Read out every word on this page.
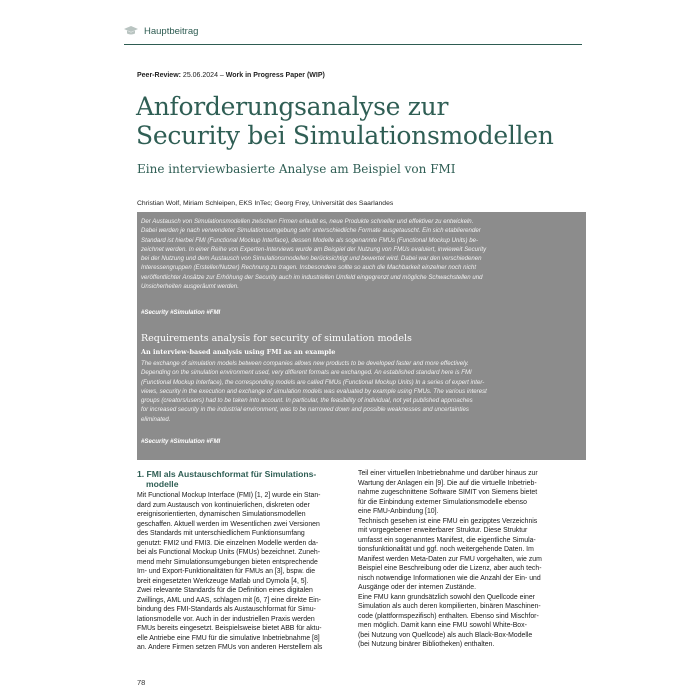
Hauptbeitrag
Peer-Review: 25.06.2024 – Work in Progress Paper (WIP)
Anforderungsanalyse zur
Security bei Simulationsmodellen
Eine interviewbasierte Analyse am Beispiel von FMI
Christian Wolf, Miriam Schleipen, EKS InTec; Georg Frey, Universität des Saarlandes
Der Austausch von Simulationsmodellen zwischen Firmen erlaubt es, neue Produkte schneller und effektiver zu entwickeln.
Dabei werden je nach verwendeter Simulationsumgebung sehr unterschiedliche Formate ausgetauscht. Ein sich etablierender
Standard ist hierbei FMI (Functional Mockup Interface), dessen Modelle als sogenannte FMUs (Functional Mockup Units) be-
zeichnet werden. In einer Reihe von Experten-Interviews wurde am Beispiel der Nutzung von FMUs evaluiert, inwieweit Security
bei der Nutzung und dem Austausch von Simulationsmodellen berücksichtigt und bewertet wird. Dabei war den verschiedenen
Interessengruppen (Ersteller/Nutzer) Rechnung zu tragen. Insbesondere sollte so auch die Machbarkeit einzelner noch nicht
veröffentlichter Ansätze zur Erhöhung der Security auch im industriellen Umfeld eingegrenzt und mögliche Schwachstellen und
Unsicherheiten ausgeräumt werden.
#Security #Simulation #FMI
Requirements analysis for security of simulation models
An interview-based analysis using FMI as an example
The exchange of simulation models between companies allows new products to be developed faster and more effectively.
Depending on the simulation environment used, very different formats are exchanged. An established standard here is FMI
(Functional Mockup Interface), the corresponding models are called FMUs (Functional Mockup Units) In a series of expert inter-
views, security in the execution and exchange of simulation models was evaluated by example using FMUs. The various interest
groups (creators/users) had to be taken into account. In particular, the feasibility of individual, not yet published approaches
for increased security in the industrial environment, was to be narrowed down and possible weaknesses and uncertainties
eliminated.
#Security #Simulation #FMI
1. FMI als Austauschformat für Simulations-
modelle
Mit Functional Mockup Interface (FMI) [1, 2] wurde ein Stan-
dard zum Austausch von kontinuierlichen, diskreten oder
ereignisorientierten, dynamischen Simulationsmodellen
geschaffen. Aktuell werden im Wesentlichen zwei Versionen
des Standards mit unterschiedlichem Funktionsumfang
genutzt: FMI2 und FMI3. Die einzelnen Modelle werden da-
bei als Functional Mockup Units (FMUs) bezeichnet. Zuneh-
mend mehr Simulationsumgebungen bieten entsprechende
Im- und Export-Funktionalitäten für FMUs an [3], bspw. die
breit eingesetzten Werkzeuge Matlab und Dymola [4, 5].
Zwei relevante Standards für die Definition eines digitalen
Zwillings, AML und AAS, schlagen mit [6, 7] eine direkte Ein-
bindung des FMI-Standards als Austauschformat für Simu-
lationsmodelle vor. Auch in der industriellen Praxis werden
FMUs bereits eingesetzt. Beispielsweise bietet ABB für aktu-
elle Antriebe eine FMU für die simulative Inbetriebnahme [8]
an. Andere Firmen setzen FMUs von anderen Herstellern als
Teil einer virtuellen Inbetriebnahme und darüber hinaus zur
Wartung der Anlagen ein [9]. Die auf die virtuelle Inbetrieb-
nahme zugeschnittene Software SIMIT von Siemens bietet
für die Einbindung externer Simulationsmodelle ebenso
eine FMU-Anbindung [10].
Technisch gesehen ist eine FMU ein gezipptes Verzeichnis
mit vorgegebener erweiterbarer Struktur. Diese Struktur
umfasst ein sogenanntes Manifest, die eigentliche Simula-
tionsfunktionalität und ggf. noch weitergehende Daten. Im
Manifest werden Meta-Daten zur FMU vorgehalten, wie zum
Beispiel eine Beschreibung oder die Lizenz, aber auch tech-
nisch notwendige Informationen wie die Anzahl der Ein- und
Ausgänge oder der internen Zustände.
Eine FMU kann grundsätzlich sowohl den Quellcode einer
Simulation als auch deren kompilierten, binären Maschinen-
code (plattformspezifisch) enthalten. Ebenso sind Mischfor-
men möglich. Damit kann eine FMU sowohl White-Box-
(bei Nutzung von Quellcode) als auch Black-Box-Modelle
(bei Nutzung binärer Bibliotheken) enthalten.
78
